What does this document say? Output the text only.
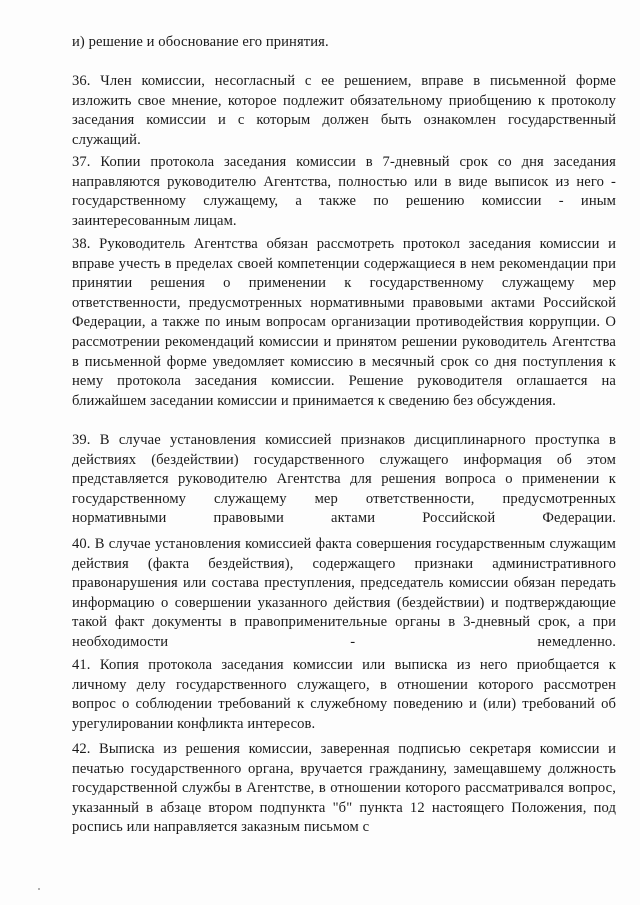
и) решение и обоснование его принятия.

36. Член комиссии, несогласный с ее решением, вправе в письменной форме изложить свое мнение, которое подлежит обязательному приобщению к протоколу заседания комиссии и с которым должен быть ознакомлен государственный служащий.

37. Копии протокола заседания комиссии в 7-дневный срок со дня заседания направляются руководителю Агентства, полностью или в виде выписок из него - государственному служащему, а также по решению комиссии - иным заинтересованным лицам.

38. Руководитель Агентства обязан рассмотреть протокол заседания комиссии и вправе учесть в пределах своей компетенции содержащиеся в нем рекомендации при принятии решения о применении к государственному служащему мер ответственности, предусмотренных нормативными правовыми актами Российской Федерации, а также по иным вопросам организации противодействия коррупции. О рассмотрении рекомендаций комиссии и принятом решении руководитель Агентства в письменной форме уведомляет комиссию в месячный срок со дня поступления к нему протокола заседания комиссии. Решение руководителя оглашается на ближайшем заседании комиссии и принимается к сведению без обсуждения.

39. В случае установления комиссией признаков дисциплинарного проступка в действиях (бездействии) государственного служащего информация об этом представляется руководителю Агентства для решения вопроса о применении к государственному служащему мер ответственности, предусмотренных нормативными правовыми актами Российской Федерации.

40. В случае установления комиссией факта совершения государственным служащим действия (факта бездействия), содержащего признаки административного правонарушения или состава преступления, председатель комиссии обязан передать информацию о совершении указанного действия (бездействии) и подтверждающие такой факт документы в правоприменительные органы в 3-дневный срок, а при необходимости - немедленно.

41. Копия протокола заседания комиссии или выписка из него приобщается к личному делу государственного служащего, в отношении которого рассмотрен вопрос о соблюдении требований к служебному поведению и (или) требований об урегулировании конфликта интересов.

42. Выписка из решения комиссии, заверенная подписью секретаря комиссии и печатью государственного органа, вручается гражданину, замещавшему должность государственной службы в Агентстве, в отношении которого рассматривался вопрос, указанный в абзаце втором подпункта "б" пункта 12 настоящего Положения, под роспись или направляется заказным письмом с
